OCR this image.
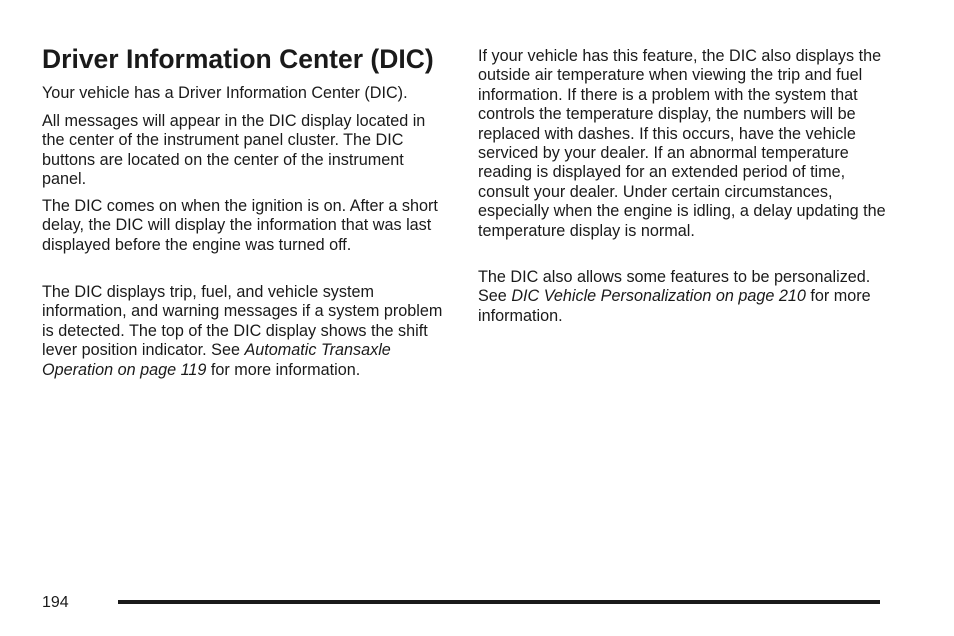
Driver Information Center (DIC)

Your vehicle has a Driver Information Center (DIC).

All messages will appear in the DIC display located in the center of the instrument panel cluster. The DIC buttons are located on the center of the instrument panel.

The DIC comes on when the ignition is on. After a short delay, the DIC will display the information that was last displayed before the engine was turned off.

The DIC displays trip, fuel, and vehicle system information, and warning messages if a system problem is detected. The top of the DIC display shows the shift lever position indicator. See Automatic Transaxle Operation on page 119 for more information.

If your vehicle has this feature, the DIC also displays the outside air temperature when viewing the trip and fuel information. If there is a problem with the system that controls the temperature display, the numbers will be replaced with dashes. If this occurs, have the vehicle serviced by your dealer. If an abnormal temperature reading is displayed for an extended period of time, consult your dealer. Under certain circumstances, especially when the engine is idling, a delay updating the temperature display is normal.

The DIC also allows some features to be personalized. See DIC Vehicle Personalization on page 210 for more information.

194
